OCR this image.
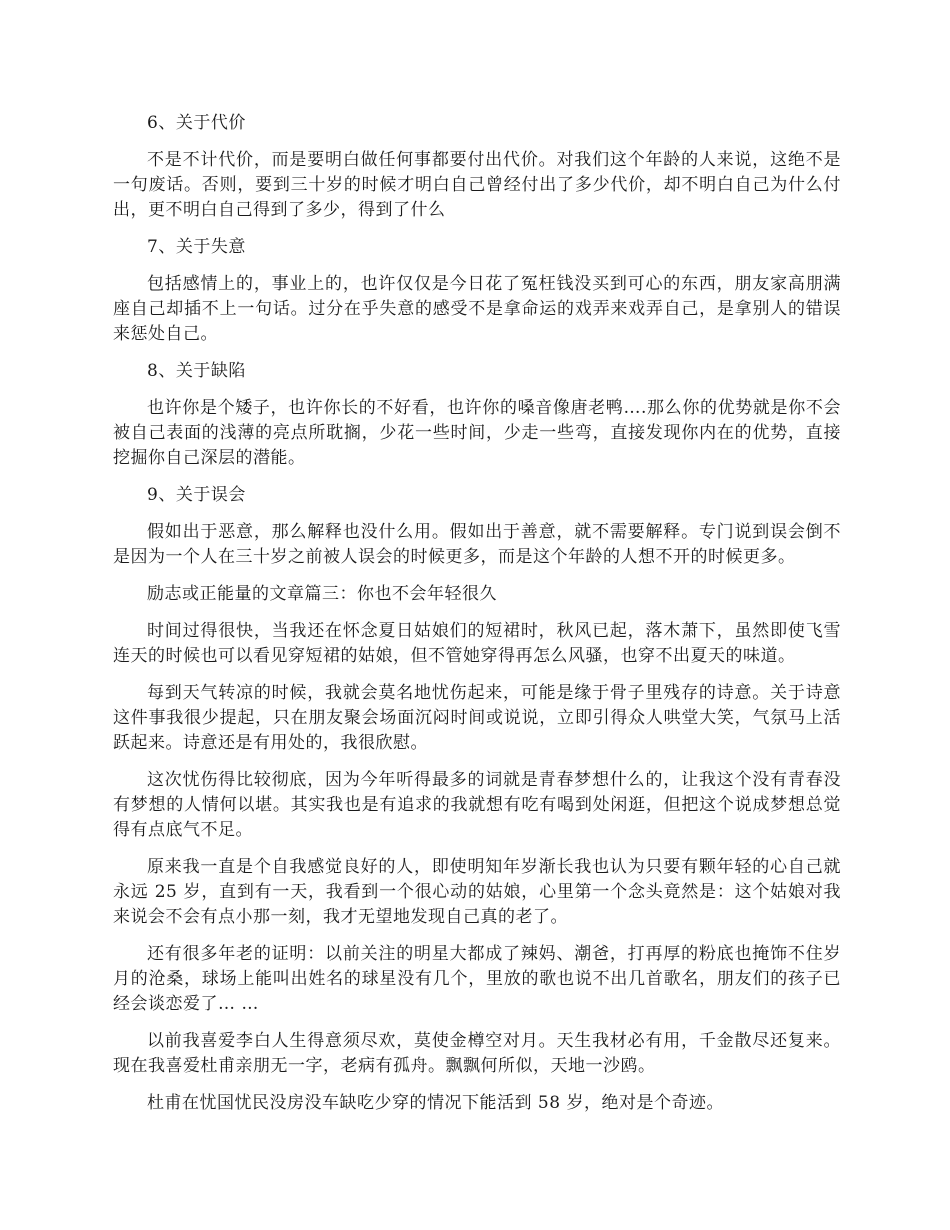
6、关于代价

不是不计代价，而是要明白做任何事都要付出代价。对我们这个年龄的人来说，这绝不是一句废话。否则，要到三十岁的时候才明白自己曾经付出了多少代价，却不明白自己为什么付出，更不明白自己得到了多少，得到了什么

7、关于失意

包括感情上的，事业上的，也许仅仅是今日花了冤枉钱没买到可心的东西，朋友家高朋满座自己却插不上一句话。过分在乎失意的感受不是拿命运的戏弄来戏弄自己，是拿别人的错误来惩处自己。

8、关于缺陷

也许你是个矮子，也许你长的不好看，也许你的嗓音像唐老鸭….那么你的优势就是你不会被自己表面的浅薄的亮点所耽搁，少花一些时间，少走一些弯，直接发现你内在的优势，直接挖掘你自己深层的潜能。

9、关于误会

假如出于恶意，那么解释也没什么用。假如出于善意，就不需要解释。专门说到误会倒不是因为一个人在三十岁之前被人误会的时候更多，而是这个年龄的人想不开的时候更多。

励志或正能量的文章篇三：你也不会年轻很久

时间过得很快，当我还在怀念夏日姑娘们的短裙时，秋风已起，落木萧下，虽然即使飞雪连天的时候也可以看见穿短裙的姑娘，但不管她穿得再怎么风骚，也穿不出夏天的味道。

每到天气转凉的时候，我就会莫名地忧伤起来，可能是缘于骨子里残存的诗意。关于诗意这件事我很少提起，只在朋友聚会场面沉闷时间或说说，立即引得众人哄堂大笑，气氛马上活跃起来。诗意还是有用处的，我很欣慰。

这次忧伤得比较彻底，因为今年听得最多的词就是青春梦想什么的，让我这个没有青春没有梦想的人情何以堪。其实我也是有追求的我就想有吃有喝到处闲逛，但把这个说成梦想总觉得有点底气不足。

原来我一直是个自我感觉良好的人，即使明知年岁渐长我也认为只要有颗年轻的心自己就永远 25 岁，直到有一天，我看到一个很心动的姑娘，心里第一个念头竟然是：这个姑娘对我来说会不会有点小那一刻，我才无望地发现自己真的老了。

还有很多年老的证明：以前关注的明星大都成了辣妈、潮爸，打再厚的粉底也掩饰不住岁月的沧桑，球场上能叫出姓名的球星没有几个，里放的歌也说不出几首歌名，朋友们的孩子已经会谈恋爱了… …

以前我喜爱李白人生得意须尽欢，莫使金樽空对月。天生我材必有用，千金散尽还复来。现在我喜爱杜甫亲朋无一字，老病有孤舟。飘飘何所似，天地一沙鸥。

杜甫在忧国忧民没房没车缺吃少穿的情况下能活到 58 岁，绝对是个奇迹。
